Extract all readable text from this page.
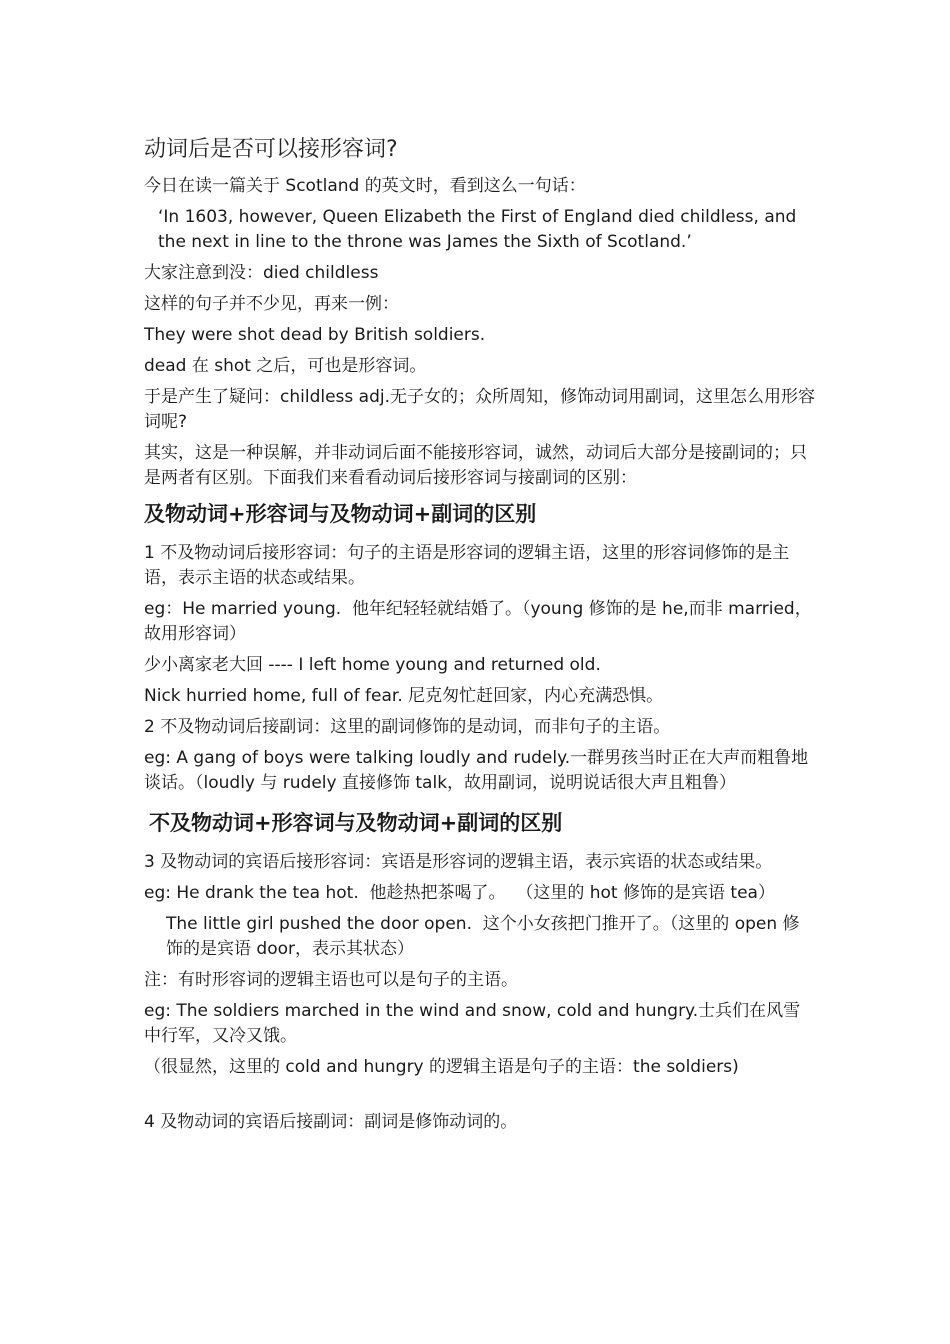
动词后是否可以接形容词?

今日在读一篇关于 Scotland 的英文时，看到这么一句话：

‘In 1603, however, Queen Elizabeth the First of England died childless, and the next in line to the throne was James the Sixth of Scotland.’

大家注意到没：died childless

这样的句子并不少见，再来一例：

They were shot dead by British soldiers.

dead 在 shot 之后，可也是形容词。

于是产生了疑问：childless adj.无子女的；众所周知，修饰动词用副词，这里怎么用形容词呢?

其实，这是一种误解，并非动词后面不能接形容词，诚然，动词后大部分是接副词的；只是两者有区别。下面我们来看看动词后接形容词与接副词的区别：

及物动词+形容词与及物动词+副词的区别

1 不及物动词后接形容词：句子的主语是形容词的逻辑主语，这里的形容词修饰的是主语，表示主语的状态或结果。

eg：He married young.  他年纪轻轻就结婚了。（young 修饰的是 he,而非 married，故用形容词）

少小离家老大回 ---- I left home young and returned old.

Nick hurried home, full of fear. 尼克匆忙赶回家，内心充满恐惧。

2 不及物动词后接副词：这里的副词修饰的是动词，而非句子的主语。

eg: A gang of boys were talking loudly and rudely.一群男孩当时正在大声而粗鲁地谈话。（loudly 与 rudely 直接修饰 talk，故用副词，说明说话很大声且粗鲁）

不及物动词+形容词与及物动词+副词的区别

3 及物动词的宾语后接形容词：宾语是形容词的逻辑主语，表示宾语的状态或结果。

eg: He drank the tea hot.  他趁热把茶喝了。  （这里的 hot 修饰的是宾语 tea）

The little girl pushed the door open.  这个小女孩把门推开了。（这里的 open 修饰的是宾语 door，表示其状态）

注：有时形容词的逻辑主语也可以是句子的主语。

eg: The soldiers marched in the wind and snow, cold and hungry.士兵们在风雪中行军，又冷又饿。

（很显然，这里的 cold and hungry 的逻辑主语是句子的主语：the soldiers)

4 及物动词的宾语后接副词：副词是修饰动词的。
